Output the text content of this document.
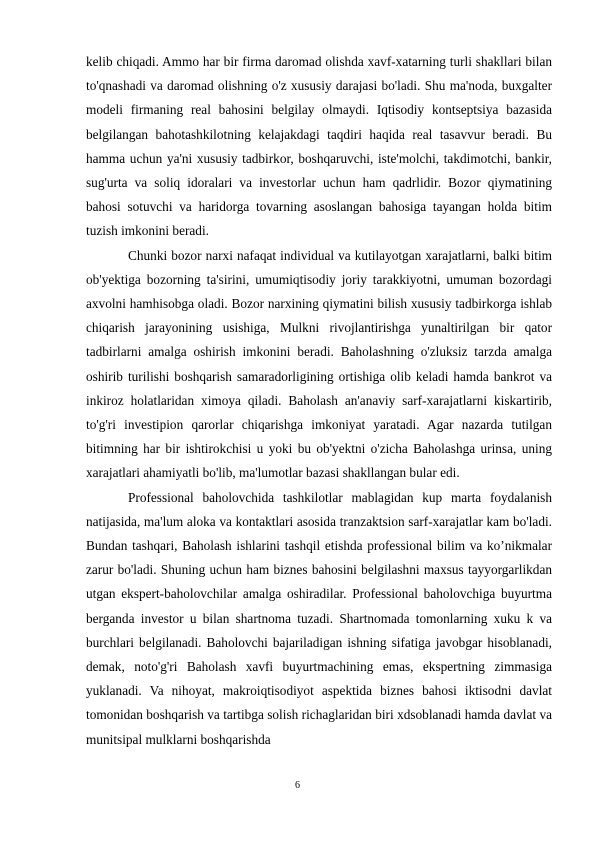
kelib chiqadi. Ammo har bir firma daromad olishda xavf-xatarning turli shakllari bilan to'qnashadi va daromad olishning o'z xususiy darajasi bo'ladi. Shu ma'noda, buxgalter modeli firmaning real bahosini belgilay olmaydi. Iqtisodiy kontseptsiya bazasida belgilangan bahotashkilotning kelajakdagi taqdiri haqida real tasavvur beradi. Bu hamma uchun ya'ni xususiy tadbirkor, boshqaruvchi, iste'molchi, takdimotchi, bankir, sug'urta va soliq idoralari va investorlar uchun ham qadrlidir. Bozor qiymatining bahosi sotuvchi va haridorga tovarning asoslangan bahosiga tayangan holda bitim tuzish imkonini beradi.

Chunki bozor narxi nafaqat individual va kutilayotgan xarajatlarni, balki bitim ob'yektiga bozorning ta'sirini, umumiqtisodiy joriy tarakkiyotni, umuman bozordagi axvolni hamhisobga oladi. Bozor narxining qiymatini bilish xususiy tadbirkorga ishlab chiqarish jarayonining usishiga, Mulkni rivojlantirishga yunaltirilgan bir qator tadbirlarni amalga oshirish imkonini beradi. Baholashning o'zluksiz tarzda amalga oshirib turilishi boshqarish samaradorligining ortishiga olib keladi hamda bankrot va inkiroz holatlaridan ximoya qiladi. Baholash an'anaviy sarf-xarajatlarni kiskartirib, to'g'ri investipion qarorlar chiqarishga imkoniyat yaratadi. Agar nazarda tutilgan bitimning har bir ishtirokchisi u yoki bu ob'yektni o'zicha Baholashga urinsa, uning xarajatlari ahamiyatli bo'lib, ma'lumotlar bazasi shakllangan bular edi.

Professional baholovchida tashkilotlar mablagidan kup marta foydalanish natijasida, ma'lum aloka va kontaktlari asosida tranzaktsion sarf-xarajatlar kam bo'ladi. Bundan tashqari, Baholash ishlarini tashqil etishda professional bilim va ko’nikmalar zarur bo'ladi. Shuning uchun ham biznes bahosini belgilashni maxsus tayyorgarlikdan utgan ekspert-baholovchilar amalga oshiradilar. Professional baholovchiga buyurtma berganda investor u bilan shartnoma tuzadi. Shartnomada tomonlarning xuku k va burchlari belgilanadi. Baholovchi bajariladigan ishning sifatiga javobgar hisoblanadi, demak, noto'g'ri Baholash xavfi buyurtmachining emas, ekspertning zimmasiga yuklanadi. Va nihoyat, makroiqtisodiyot aspektida biznes bahosi iktisodni davlat tomonidan boshqarish va tartibga solish richaglaridan biri xdsoblanadi hamda davlat va munitsipal mulklarni boshqarishda

6
